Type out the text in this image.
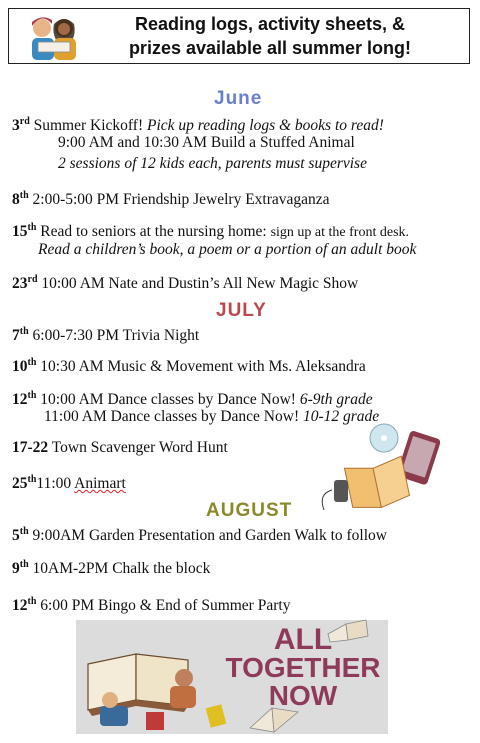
Reading logs, activity sheets, &
prizes available all summer long!
June
3rd Summer Kickoff! Pick up reading logs & books to read!
9:00 AM and 10:30 AM Build a Stuffed Animal
2 sessions of 12 kids each, parents must supervise
8th 2:00-5:00 PM Friendship Jewelry Extravaganza
15th Read to seniors at the nursing home: sign up at the front desk.
Read a children’s book, a poem or a portion of an adult book
23rd 10:00 AM Nate and Dustin’s All New Magic Show
JULY
7th 6:00-7:30 PM Trivia Night
10th 10:30 AM Music & Movement with Ms. Aleksandra
12th 10:00 AM Dance classes by Dance Now! 6-9th grade
11:00 AM Dance classes by Dance Now! 10-12 grade
17-22 Town Scavenger Word Hunt
25th11:00 Animart
AUGUST
5th 9:00AM Garden Presentation and Garden Walk to follow
9th 10AM-2PM Chalk the block
12th 6:00 PM Bingo & End of Summer Party
ALL
TOGETHER
NOW
